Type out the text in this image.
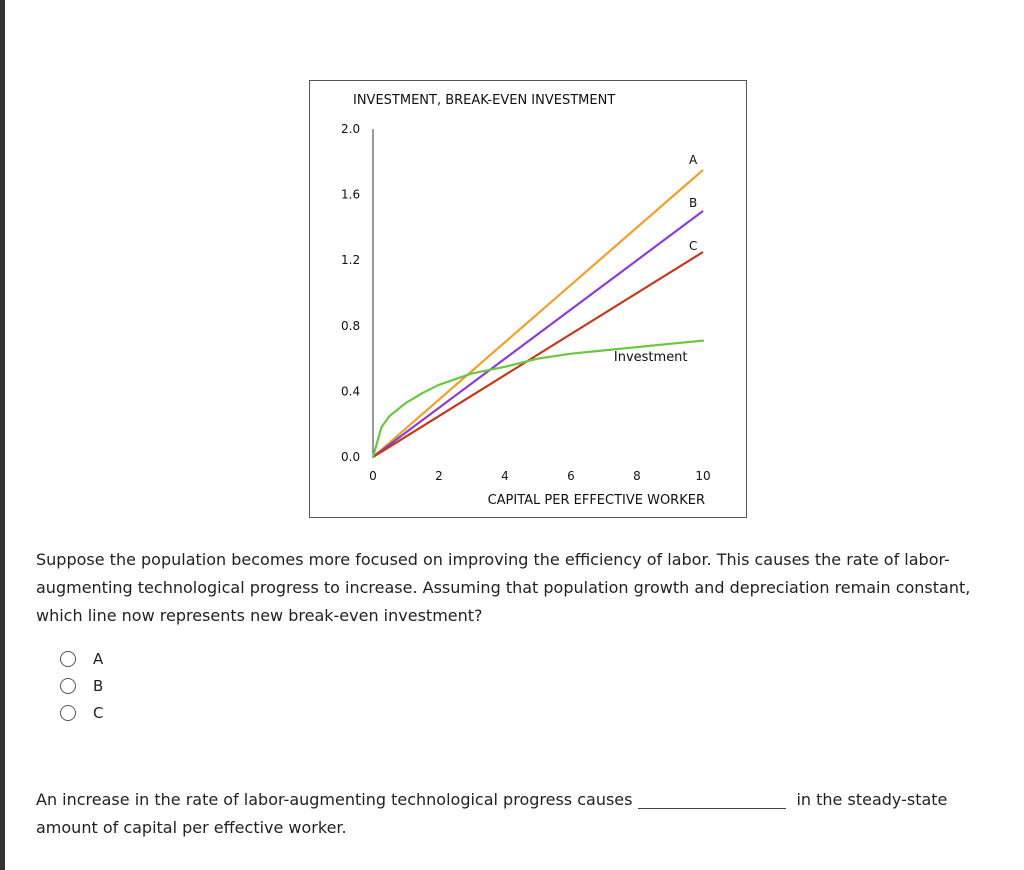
INVESTMENT, BREAK-EVEN INVESTMENT
CAPITAL PER EFFECTIVE WORKER
2.0
1.6
1.2
0.8
0.4
0.0
0	2	4	6	8	10
A
B
C
Investment
Suppose the population becomes more focused on improving the efficiency of labor. This causes the rate of labor-augmenting technological progress to increase. Assuming that population growth and depreciation remain constant, which line now represents new break-even investment?
A
B
C
An increase in the rate of labor-augmenting technological progress causes	in the steady-state amount of capital per effective worker.
